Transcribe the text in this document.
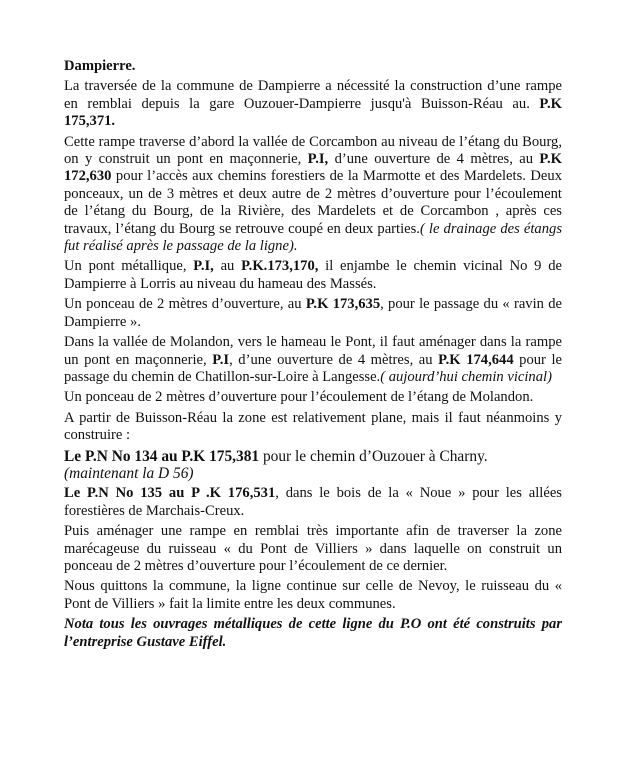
Dampierre.

La traversée de la commune de Dampierre a nécessité la construction d’une rampe en remblai depuis la gare Ouzouer-Dampierre jusqu'à Buisson-Réau au. P.K 175,371.

Cette rampe traverse d’abord la vallée de Corcambon au niveau de l’étang du Bourg, on y construit un pont en maçonnerie, P.I, d’une ouverture de 4 mètres, au P.K 172,630 pour l’accès aux chemins forestiers de la Marmotte et des Mardelets. Deux ponceaux, un de 3 mètres et deux autre de 2 mètres d’ouverture pour l’écoulement de l’étang du Bourg, de la Rivière, des Mardelets et de Corcambon , après ces travaux, l’étang du Bourg se retrouve coupé en deux parties.( le drainage des étangs fut réalisé après le passage de la ligne).

Un pont métallique, P.I, au P.K.173,170, il enjambe le chemin vicinal No 9 de Dampierre à Lorris au niveau du hameau des Massés.

Un ponceau de 2 mètres d’ouverture, au P.K 173,635, pour le passage du « ravin de Dampierre ».

Dans la vallée de Molandon, vers le hameau le Pont, il faut aménager dans la rampe un pont en maçonnerie, P.I, d’une ouverture de 4 mètres, au P.K 174,644 pour le passage du chemin de Chatillon-sur-Loire à Langesse.( aujourd’hui chemin vicinal)

Un ponceau de 2 mètres d’ouverture pour l’écoulement de l’étang de Molandon.

A partir de Buisson-Réau la zone est relativement plane, mais il faut néanmoins y construire :

Le P.N No 134 au P.K 175,381 pour le chemin d’Ouzouer à Charny.
(maintenant la D 56)

Le P.N No 135 au P .K 176,531, dans le bois de la « Noue » pour les allées forestières de Marchais-Creux.

Puis aménager une rampe en remblai très importante afin de traverser la zone marécageuse du ruisseau « du Pont de Villiers » dans laquelle on construit un ponceau de 2 mètres d’ouverture pour l’écoulement de ce dernier.

Nous quittons la commune, la ligne continue sur celle de Nevoy, le ruisseau du « Pont de Villiers » fait la limite entre les deux communes.

Nota tous les ouvrages métalliques de cette ligne du P.O ont été construits par l’entreprise Gustave Eiffel.
